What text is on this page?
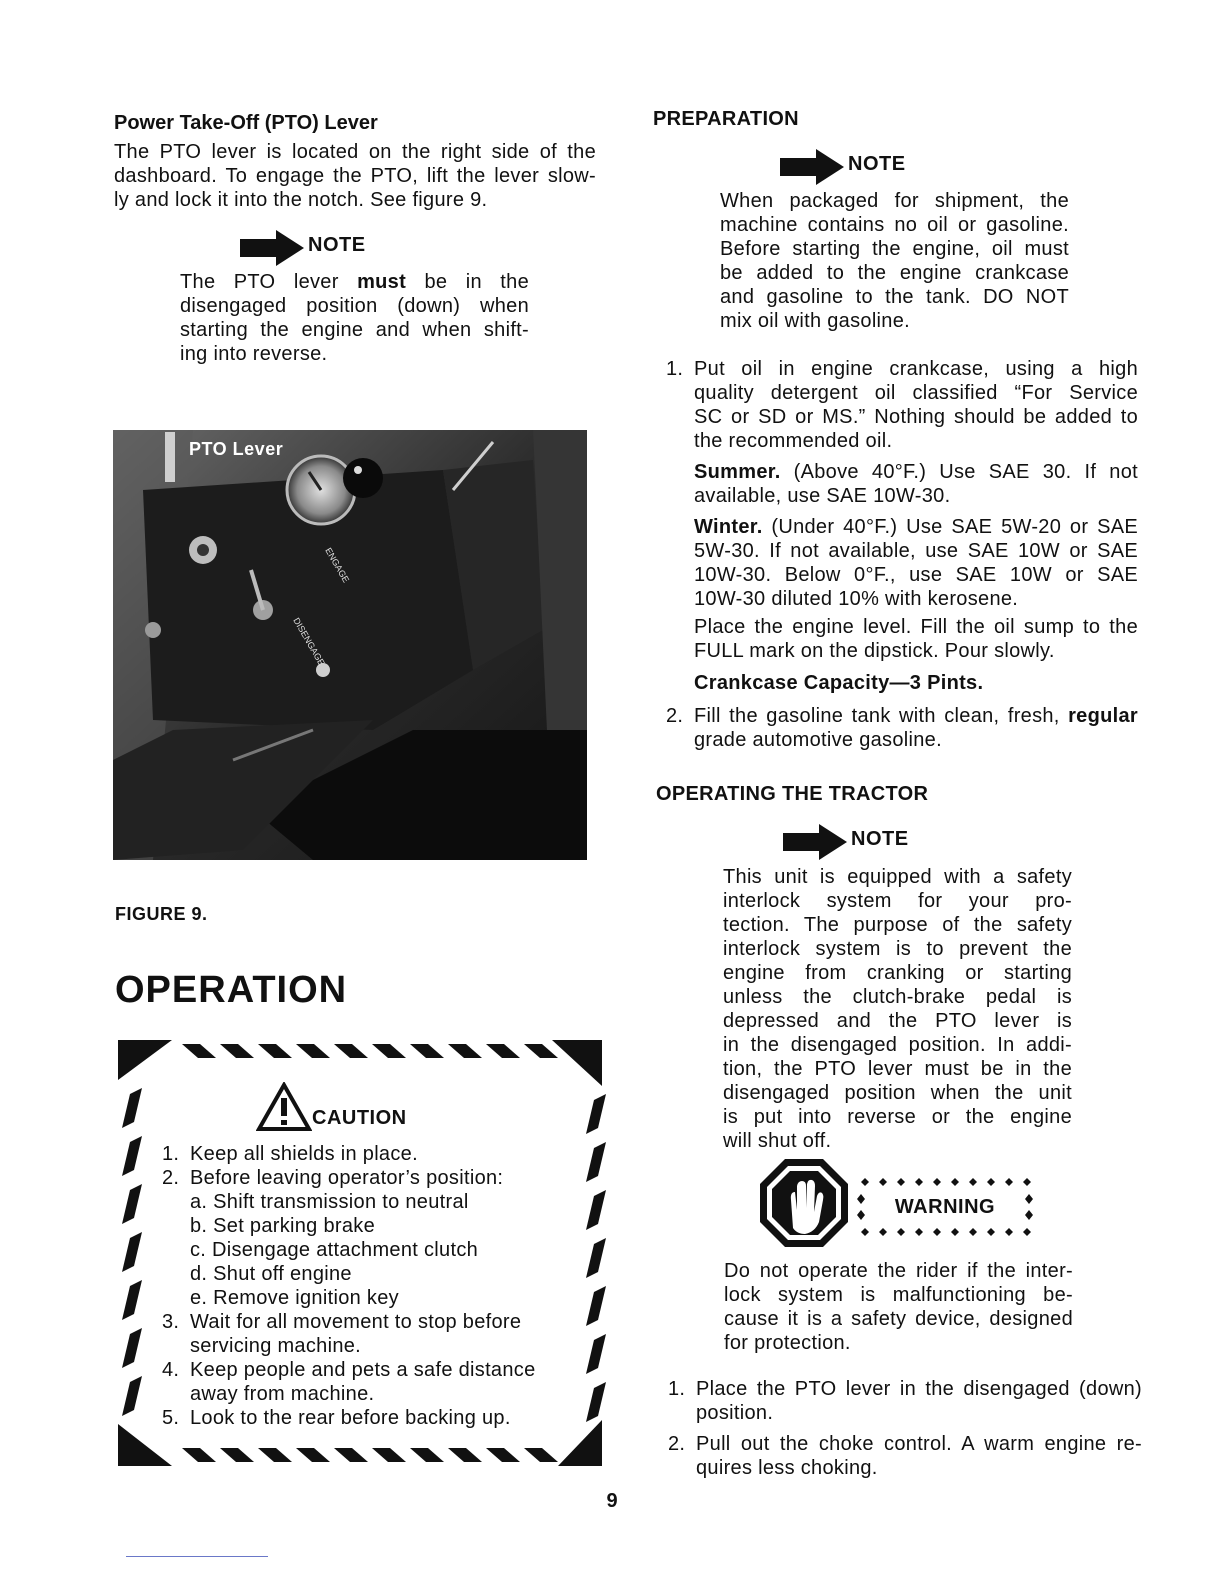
Power Take-Off (PTO) Lever
The PTO lever is located on the right side of the
dashboard. To engage the PTO, lift the lever slow-
ly and lock it into the notch. See figure 9.
NOTE
The PTO lever must be in the
disengaged position (down) when
starting the engine and when shift-
ing into reverse.
ENGAGE
DISENGAGE
PTO Lever
FIGURE 9.
OPERATION
CAUTION
1. Keep all shields in place.
2. Before leaving operator’s position:
a. Shift transmission to neutral
b. Set parking brake
c. Disengage attachment clutch
d. Shut off engine
e. Remove ignition key
3. Wait for all movement to stop before
servicing machine.
4. Keep people and pets a safe distance
away from machine.
5. Look to the rear before backing up.
PREPARATION
NOTE
When packaged for shipment, the
machine contains no oil or gasoline.
Before starting the engine, oil must
be added to the engine crankcase
and gasoline to the tank. DO NOT
mix oil with gasoline.
1. Put oil in engine crankcase, using a high
quality detergent oil classified “For Service
SC or SD or MS.” Nothing should be added to
the recommended oil.
Summer. (Above 40°F.) Use SAE 30. If not
available, use SAE 10W-30.
Winter. (Under 40°F.) Use SAE 5W-20 or SAE
5W-30. If not available, use SAE 10W or SAE
10W-30. Below 0°F., use SAE 10W or SAE
10W-30 diluted 10% with kerosene.
Place the engine level. Fill the oil sump to the
FULL mark on the dipstick. Pour slowly.
Crankcase Capacity—3 Pints.
2. Fill the gasoline tank with clean, fresh, regular
grade automotive gasoline.
OPERATING THE TRACTOR
NOTE
This unit is equipped with a safety
interlock system for your pro-
tection. The purpose of the safety
interlock system is to prevent the
engine from cranking or starting
unless the clutch-brake pedal is
depressed and the PTO lever is
in the disengaged position. In addi-
tion, the PTO lever must be in the
disengaged position when the unit
is put into reverse or the engine
will shut off.
WARNING
Do not operate the rider if the inter-
lock system is malfunctioning be-
cause it is a safety device, designed
for protection.
1. Place the PTO lever in the disengaged (down)
position.
2. Pull out the choke control. A warm engine re-
quires less choking.
9
